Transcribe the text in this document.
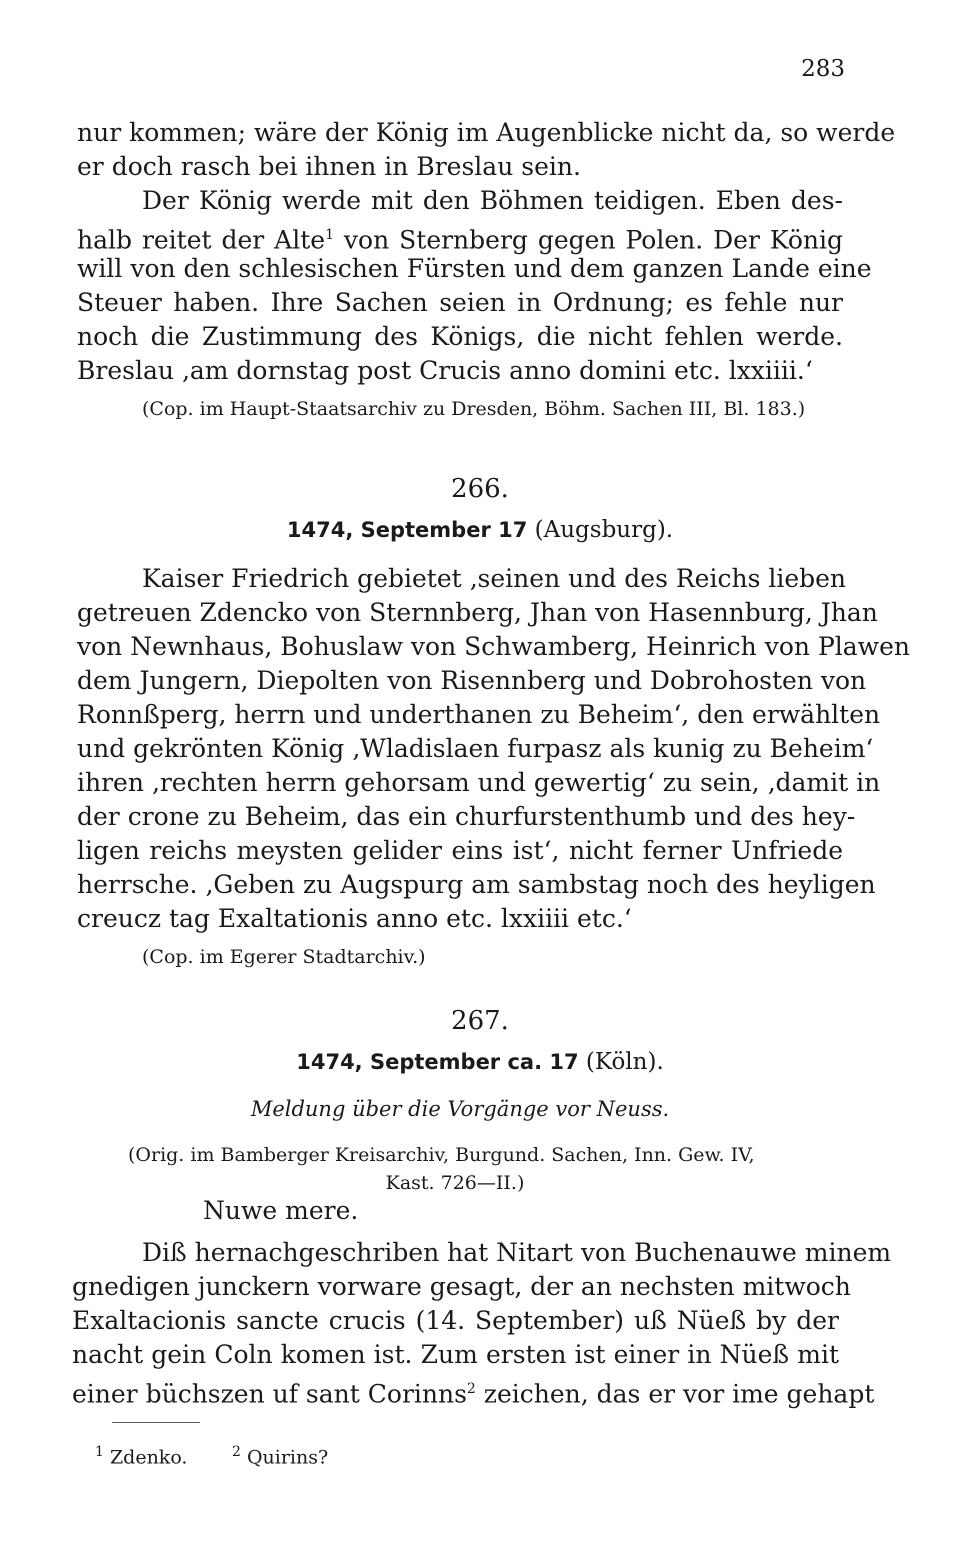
283
nur kommen; wäre der König im Augenblicke nicht da, so werde
er doch rasch bei ihnen in Breslau sein.
Der König werde mit den Böhmen teidigen. Eben des-
halb reitet der Alte$^1$ von Sternberg gegen Polen. Der König
will von den schlesischen Fürsten und dem ganzen Lande eine
Steuer haben. Ihre Sachen seien in Ordnung; es fehle nur
noch die Zustimmung des Königs, die nicht fehlen werde.
Breslau ‚am dornstag post Crucis anno domini etc. lxxiiii.‘
(Cop. im Haupt-Staatsarchiv zu Dresden, Böhm. Sachen III, Bl. 183.)
266.
1474, September 17 (Augsburg).
Kaiser Friedrich gebietet ‚seinen und des Reichs lieben
getreuen Zdencko von Sternnberg, Jhan von Hasennburg, Jhan
von Newnhaus, Bohuslaw von Schwamberg, Heinrich von Plawen
dem Jungern, Diepolten von Risennberg und Dobrohosten von
Ronnßperg, herrn und underthanen zu Beheim‘, den erwählten
und gekrönten König ‚Wladislaen furpasz als kunig zu Beheim‘
ihren ‚rechten herrn gehorsam und gewertig‘ zu sein, ‚damit in
der crone zu Beheim, das ein churfurstenthumb und des hey-
ligen reichs meysten gelider eins ist‘, nicht ferner Unfriede
herrsche. ‚Geben zu Augspurg am sambstag noch des heyligen
creucz tag Exaltationis anno etc. lxxiiii etc.‘
(Cop. im Egerer Stadtarchiv.)
267.
1474, September ca. 17 (Köln).
Meldung über die Vorgänge vor Neuss.
(Orig. im Bamberger Kreisarchiv, Burgund. Sachen, Inn. Gew. IV,
Kast. 726—II.)
Nuwe mere.
Diß hernachgeschriben hat Nitart von Buchenauwe minem
gnedigen junckern vorware gesagt, der an nechsten mitwoch
Exaltacionis sancte crucis (14. September) uß Nüeß by der
nacht gein Coln komen ist. Zum ersten ist einer in Nüeß mit
einer büchszen uf sant Corinns$^2$ zeichen, das er vor ime gehapt
$^1$ Zdenko.	$^2$ Quirins?
